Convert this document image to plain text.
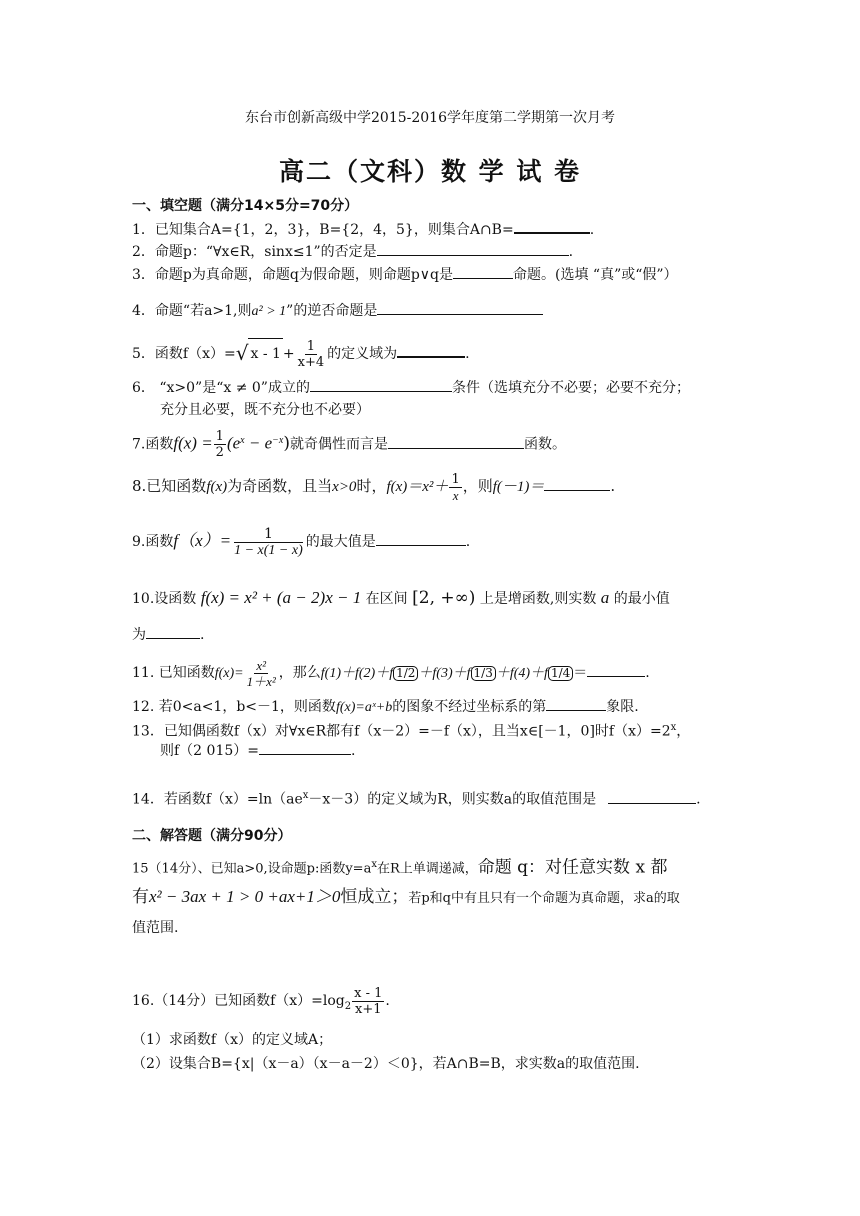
东台市创新高级中学2015-2016学年度第二学期第一次月考
高二（文科）数 学 试 卷
一、填空题（满分14×5分=70分）
1．已知集合A={1，2，3}，B={2，4，5}，则集合A∩B=	.
2．命题p：“∀x∈R，sinx≤1”的否定是	.
3．命题p为真命题，命题q为假命题，则命题p∨q是	命题。(选填 “真”或“假”）
4．命题“若a>1,则a² > 1”的逆否命题是
5．函数f（x）=√ $x - 1 + \frac{1}{x+4}$ 的定义域为	.
6． “x>0”是“x ≠ 0”成立的	条件（选填充分不必要；必要不充分；
充分且必要，既不充分也不必要）
7.函数$f(x) = \frac{1}{2} (e^x - e^{-x})$就奇偶性而言是	函数。
8.已知函数f(x)为奇函数，且当x>0时，$f(x)=x^2+ \frac{1}{x}$ ，则f(－1)＝	.
9.函数$f(x)= \frac{1}{1 - x(1 - x)}$ 的最大值是	.
10.设函数 f(x) = x² + (a − 2)x − 1 在区间 [2, +∞) 上是增函数,则实数 a 的最小值
为	.
11. 已知函数$f(x)= \frac{\text{x²}}{\text{1＋x²}}$ ，那么f(1)＋f(2)＋f 1/2 ＋f(3)＋f 1/3 ＋f(4)＋f 1/4 ＝	.
12. 若0<a<1，b<－1，则函数f(x)=aˣ+b的图象不经过坐标系的第	象限.
13．已知偶函数f（x）对∀x∈R都有f（x－2）=－f（x），且当x∈[－1，0]时$f(x)=2^x$，
则f（2 015）=	.
14．若函数$f(x)=\ln(ae^x-x-3)$的定义域为R，则实数a的取值范围是	.
二、解答题（满分90分）
15（14分）、已知a>0,设命题p:函数$y=a^x$在R上单调递减，命题 q：对任意实数 x 都
有x² − 3ax + 1 > 0 +ax+1＞0恒成立；若p和q中有且只有一个命题为真命题，求a的取
值范围.
16.（14分）已知函数$f(x)=\log_2 \frac{x - 1}{x+1}$ .
（1）求函数f（x）的定义域A；
（2）设集合B={x|（x－a）（x－a－2）＜0}，若A∩B=B，求实数a的取值范围.
